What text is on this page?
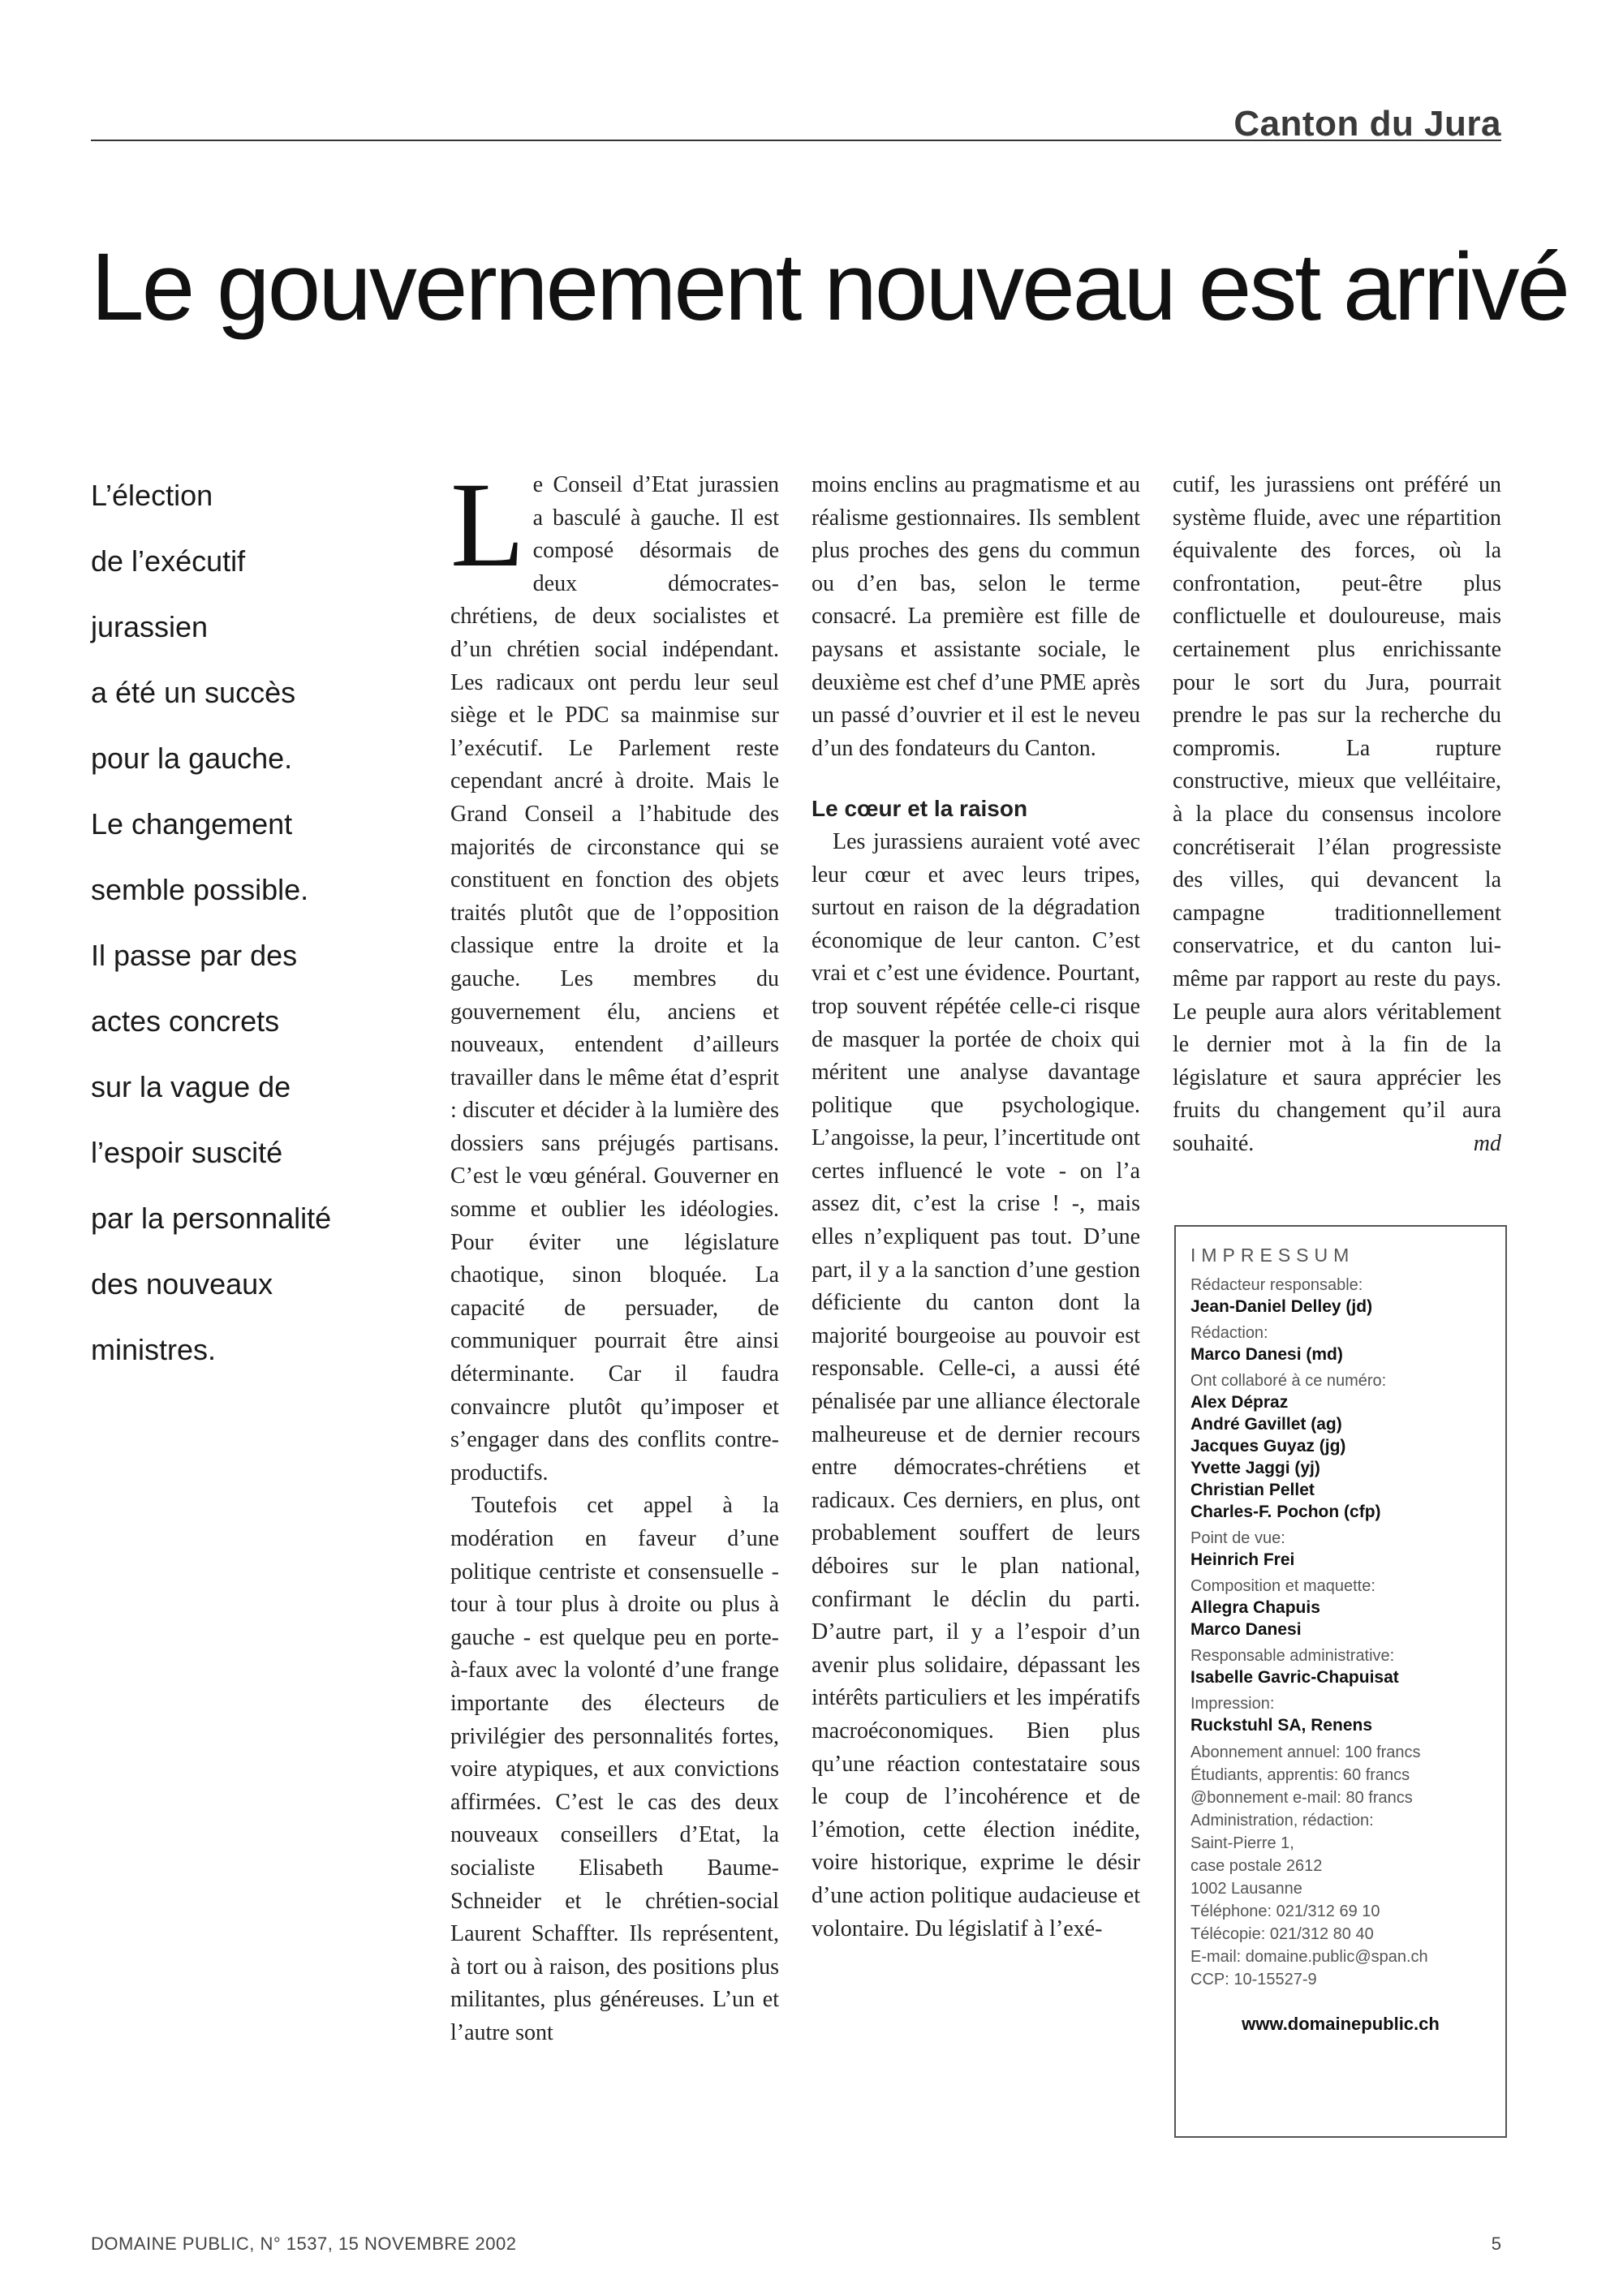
Canton du Jura
Le gouvernement nouveau est arrivé
L’élection
de l’exécutif
jurassien
a été un succès
pour la gauche.
Le changement
semble possible.
Il passe par des
actes concrets
sur la vague de
l’espoir suscité
par la personnalité
des nouveaux
ministres.

Le Conseil d’Etat jurassien a basculé à gauche. Il est composé désormais de deux démocrates-chrétiens, de deux socialistes et d’un chrétien social indépendant. Les radicaux ont perdu leur seul siège et le PDC sa mainmise sur l’exécutif. Le Parlement reste cependant ancré à droite. Mais le Grand Conseil a l’habitude des majorités de circonstance qui se constituent en fonction des objets traités plutôt que de l’opposition classique entre la droite et la gauche. Les membres du gouvernement élu, anciens et nouveaux, entendent d’ailleurs travailler dans le même état d’esprit : discuter et décider à la lumière des dossiers sans préjugés partisans. C’est le vœu général. Gouverner en somme et oublier les idéologies. Pour éviter une législature chaotique, sinon bloquée. La capacité de persuader, de communiquer pourrait être ainsi déterminante. Car il faudra convaincre plutôt qu’imposer et s’engager dans des conflits contre-productifs.

Toutefois cet appel à la modération en faveur d’une politique centriste et consensuelle - tour à tour plus à droite ou plus à gauche - est quelque peu en porte-à-faux avec la volonté d’une frange importante des électeurs de privilégier des personnalités fortes, voire atypiques, et aux convictions affirmées. C’est le cas des deux nouveaux conseillers d’Etat, la socialiste Elisabeth Baume-Schneider et le chrétien-social Laurent Schaffter. Ils représentent, à tort ou à raison, des positions plus militantes, plus généreuses. L’un et l’autre sont

moins enclins au pragmatisme et au réalisme gestionnaires. Ils semblent plus proches des gens du commun ou d’en bas, selon le terme consacré. La première est fille de paysans et assistante sociale, le deuxième est chef d’une PME après un passé d’ouvrier et il est le neveu d’un des fondateurs du Canton.

Le cœur et la raison

Les jurassiens auraient voté avec leur cœur et avec leurs tripes, surtout en raison de la dégradation économique de leur canton. C’est vrai et c’est une évidence. Pourtant, trop souvent répétée celle-ci risque de masquer la portée de choix qui méritent une analyse davantage politique que psychologique. L’angoisse, la peur, l’incertitude ont certes influencé le vote - on l’a assez dit, c’est la crise ! -, mais elles n’expliquent pas tout. D’une part, il y a la sanction d’une gestion déficiente du canton dont la majorité bourgeoise au pouvoir est responsable. Celle-ci, a aussi été pénalisée par une alliance électorale malheureuse et de dernier recours entre démocrates-chrétiens et radicaux. Ces derniers, en plus, ont probablement souffert de leurs déboires sur le plan national, confirmant le déclin du parti. D’autre part, il y a l’espoir d’un avenir plus solidaire, dépassant les intérêts particuliers et les impératifs macroéconomiques. Bien plus qu’une réaction contestataire sous le coup de l’incohérence et de l’émotion, cette élection inédite, voire historique, exprime le désir d’une action politique audacieuse et volontaire. Du législatif à l’exé-

cutif, les jurassiens ont préféré un système fluide, avec une répartition équivalente des forces, où la confrontation, peut-être plus conflictuelle et douloureuse, mais certainement plus enrichissante pour le sort du Jura, pourrait prendre le pas sur la recherche du compromis. La rupture constructive, mieux que velléitaire, à la place du consensus incolore concrétiserait l’élan progressiste des villes, qui devancent la campagne traditionnellement conservatrice, et du canton lui-même par rapport au reste du pays. Le peuple aura alors véritablement le dernier mot à la fin de la législature et saura apprécier les fruits du changement qu’il aura souhaité.	md

IMPRESSUM
Rédacteur responsable:
Jean-Daniel Delley (jd)
Rédaction:
Marco Danesi (md)
Ont collaboré à ce numéro:
Alex Dépraz
André Gavillet (ag)
Jacques Guyaz (jg)
Yvette Jaggi (yj)
Christian Pellet
Charles-F. Pochon (cfp)
Point de vue:
Heinrich Frei
Composition et maquette:
Allegra Chapuis
Marco Danesi
Responsable administrative:
Isabelle Gavric-Chapuisat
Impression:
Ruckstuhl SA, Renens
Abonnement annuel: 100 francs
Étudiants, apprentis: 60 francs
@bonnement e-mail: 80 francs
Administration, rédaction:
Saint-Pierre 1,
case postale 2612
1002 Lausanne
Téléphone: 021/312 69 10
Télécopie: 021/312 80 40
E-mail: domaine.public@span.ch
CCP: 10-15527-9
www.domainepublic.ch
DOMAINE PUBLIC, N° 1537, 15 NOVEMBRE 2002	5
